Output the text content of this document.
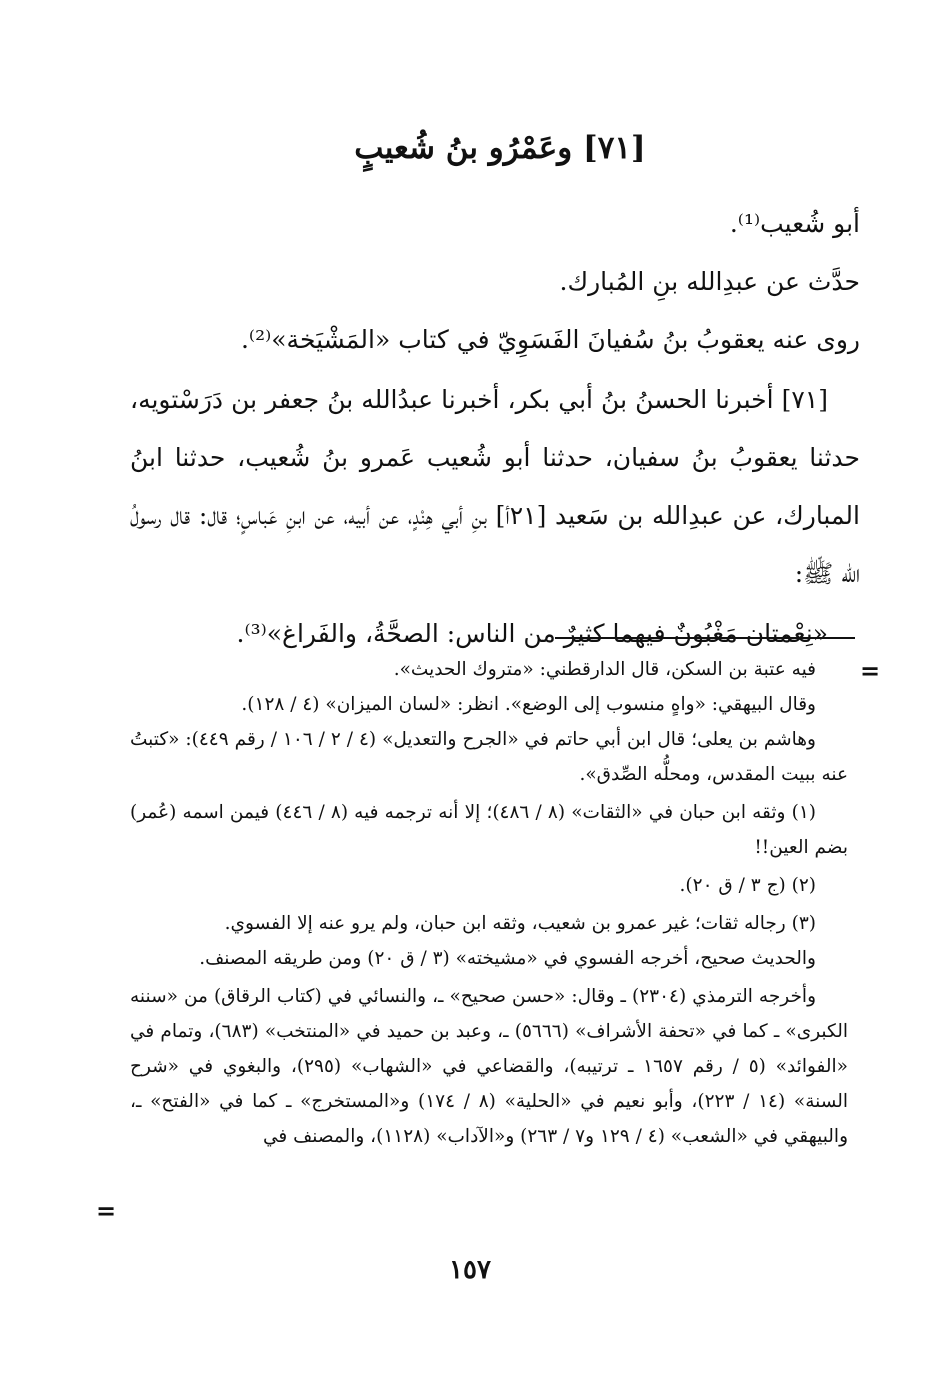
[٧١] وعَمْرُو بنُ شُعيبٍ

أبو شُعيب⁽¹⁾.

حدَّث عن عبدِالله بنِ المُبارك.

روى عنه يعقوبُ بنُ سُفيانَ الفَسَوِيّ في كتاب «المَشْيَخة»⁽²⁾.

[٧١] أخبرنا الحسنُ بنُ أبي بكر، أخبرنا عبدُالله بنُ جعفر بن دَرَسْتويه، حدثنا يعقوبُ بنُ سفيان، حدثنا أبو شُعيب عَمرو بنُ شُعيب، حدثنا ابنُ المبارك، عن عبدِالله بن سَعيد [٢١أ] بنِ أبي هِنْدٍ، عن أبيه، عن ابنِ عَباسٍ؛ قال: قال رسولُ الله ﷺ:

«نِعْمتان مَغْبُونٌ فيهما كثيرٌ من الناس: الصحَّةُ، والفَراغ»⁽³⁾.

=

فيه عتبة بن السكن، قال الدارقطني: «متروك الحديث».

وقال البيهقي: «واهٍ منسوب إلى الوضع». انظر: «لسان الميزان» (٤ / ١٢٨).

وهاشم بن يعلى؛ قال ابن أبي حاتم في «الجرح والتعديل» (٤ / ٢ / ١٠٦ / رقم ٤٤٩): «كتبتُ عنه ببيت المقدس، ومحلُّه الصِّدق».

(١) وثقه ابن حبان في «الثقات» (٨ / ٤٨٦)؛ إلا أنه ترجمه فيه (٨ / ٤٤٦) فيمن اسمه (عُمر) بضم العين!!

(٢) (ج ٣ / ق ٢٠).

(٣) رجاله ثقات؛ غير عمرو بن شعيب، وثقه ابن حبان، ولم يرو عنه إلا الفسوي.

والحديث صحيح، أخرجه الفسوي في «مشيخته» (٣ / ق ٢٠) ومن طريقه المصنف.

وأخرجه الترمذي (٢٣٠٤) ـ وقال: «حسن صحيح» ـ، والنسائي في (كتاب الرقاق) من «سننه الكبرى» ـ كما في «تحفة الأشراف» (٥٦٦٦) ـ، وعبد بن حميد في «المنتخب» (٦٨٣)، وتمام في «الفوائد» (٥ / رقم ١٦٥٧ ـ ترتيبه)، والقضاعي في «الشهاب» (٢٩٥)، والبغوي في «شرح السنة» (١٤ / ٢٢٣)، وأبو نعيم في «الحلية» (٨ / ١٧٤) و«المستخرج» ـ كما في «الفتح» ـ، والبيهقي في «الشعب» (٤ / ١٢٩ و٧ / ٢٦٣) و«الآداب» (١١٢٨)، والمصنف في

=
١٥٧
